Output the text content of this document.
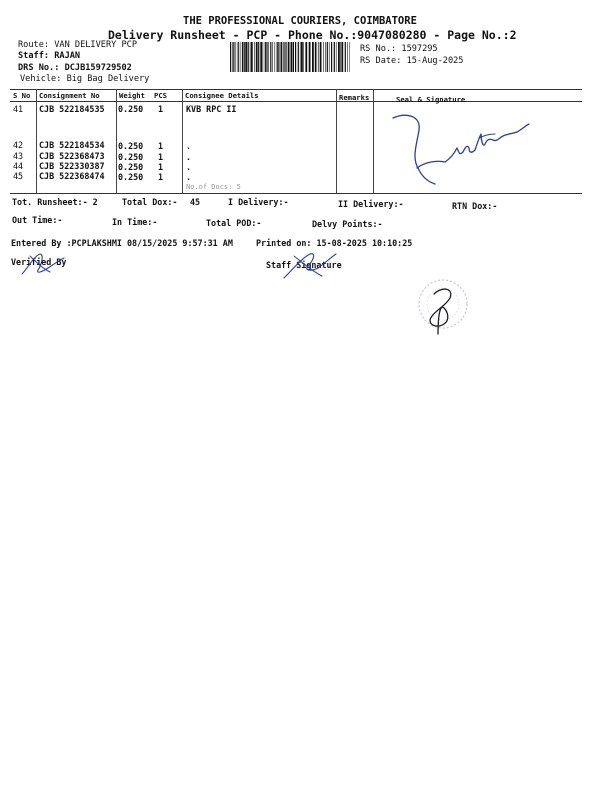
THE PROFESSIONAL COURIERS, COIMBATORE
Delivery Runsheet - PCP - Phone No.:9047080280 - Page No.:2
Route: VAN DELIVERY PCP
Staff: RAJAN
DRS No.: DCJB159729502
Vehicle: Big Bag Delivery
RS No.: 1597295
RS Date: 15-Aug-2025
S No Consignment No	Weight PCS	Consignee Details	Remarks	Seal & Signature
41 CJB 522184535 0.250 1	KVB RPC II
42 CJB 522184534 0.250 1	.
43 CJB 522368473 0.250 1	.
44 CJB 522330387 0.250 1	.
45 CJB 522368474 0.250 1	.
No.of Docs: 5
Tot. Runsheet:- 2	Total Dox:- 45	I Delivery:-	II Delivery:-	RTN Dox:-
Out Time:-	In Time:-	Total POD:-	Delvy Points:-
Entered By :PCPLAKSHMI 08/15/2025 9:57:31 AM	Printed on: 15-08-2025 10:10:25
Verified By	Staff Signature
